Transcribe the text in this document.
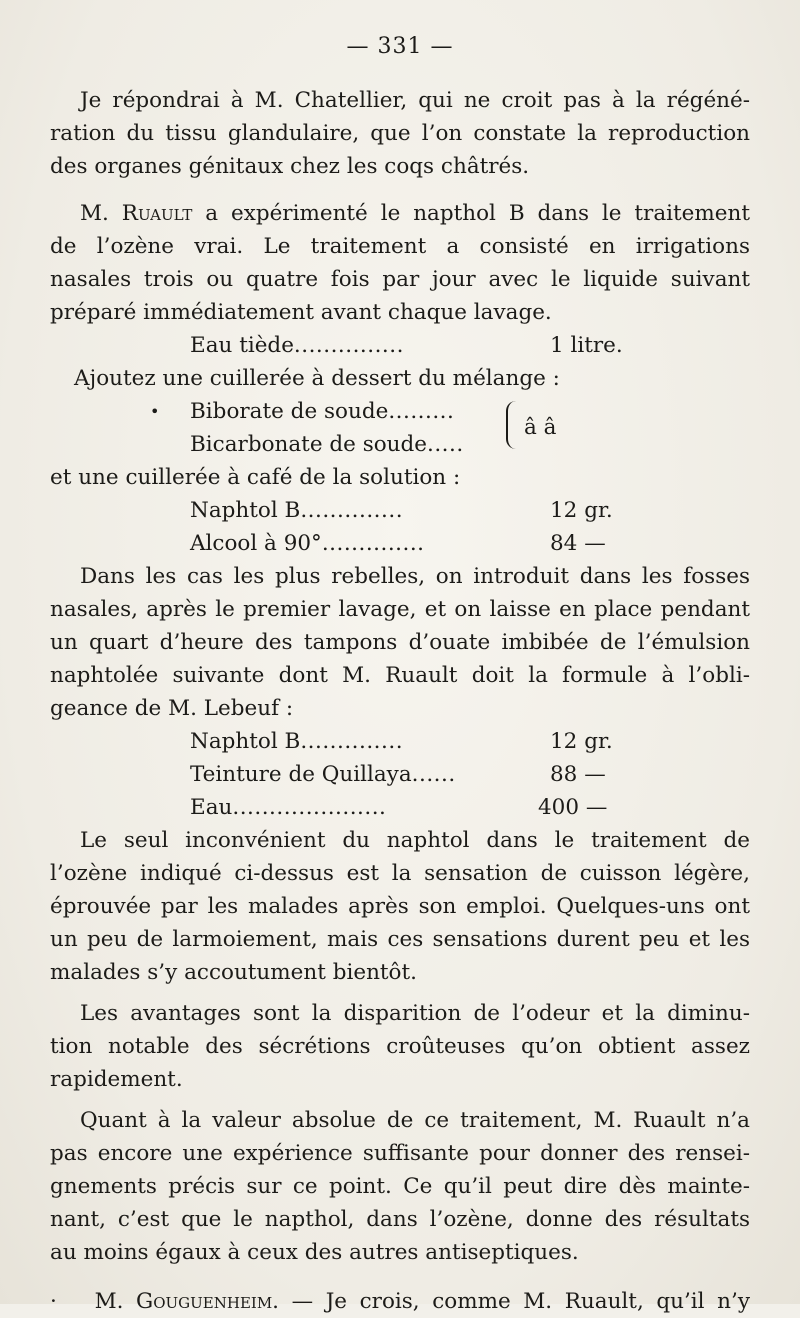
— 331 —
Je répondrai à M. Chatellier, qui ne croit pas à la régéné-
ration du tissu glandulaire, que l’on constate la reproduction
des organes génitaux chez les coqs châtrés.
M. Ruault a expérimenté le napthol B dans le traitement
de l’ozène vrai. Le traitement a consisté en irrigations
nasales trois ou quatre fois par jour avec le liquide suivant
préparé immédiatement avant chaque lavage.
Eau tiède...............	1 litre.
Ajoutez une cuillerée à dessert du mélange :
• Biborate de soude.........
Bicarbonate de soude.....
â â
et une cuillerée à café de la solution :
Naphtol B..............	12 gr.
Alcool à 90°..............	84 —
Dans les cas les plus rebelles, on introduit dans les fosses
nasales, après le premier lavage, et on laisse en place pendant
un quart d’heure des tampons d’ouate imbibée de l’émulsion
naphtolée suivante dont M. Ruault doit la formule à l’obli-
geance de M. Lebeuf :
Naphtol B..............	12 gr.
Teinture de Quillaya......	88 —
Eau.....................	400 —
Le seul inconvénient du naphtol dans le traitement de
l’ozène indiqué ci-dessus est la sensation de cuisson légère,
éprouvée par les malades après son emploi. Quelques-uns ont
un peu de larmoiement, mais ces sensations durent peu et les
malades s’y accoutument bientôt.
Les avantages sont la disparition de l’odeur et la diminu-
tion notable des sécrétions croûteuses qu’on obtient assez
rapidement.
Quant à la valeur absolue de ce traitement, M. Ruault n’a
pas encore une expérience suffisante pour donner des rensei-
gnements précis sur ce point. Ce qu’il peut dire dès mainte-
nant, c’est que le napthol, dans l’ozène, donne des résultats
au moins égaux à ceux des autres antiseptiques.
· M. Gouguenheim. — Je crois, comme M. Ruault, qu’il n’y
